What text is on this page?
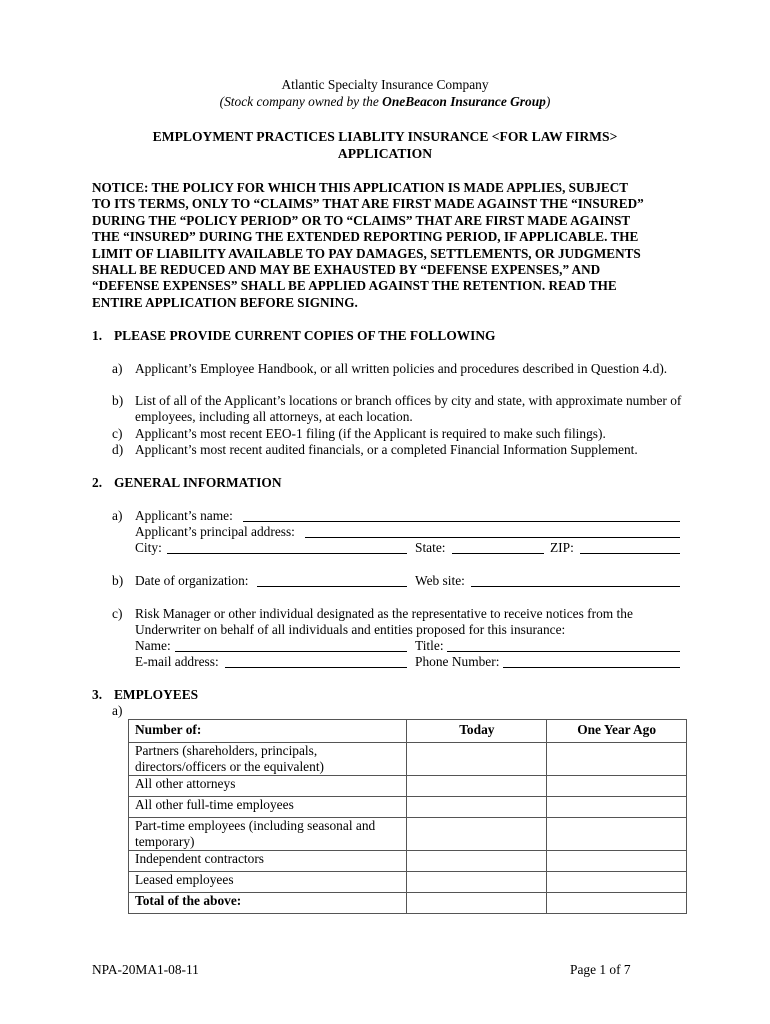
Atlantic Specialty Insurance Company
(Stock company owned by the OneBeacon Insurance Group)
EMPLOYMENT PRACTICES LIABLITY INSURANCE <FOR LAW FIRMS>
APPLICATION
NOTICE: THE POLICY FOR WHICH THIS APPLICATION IS MADE APPLIES, SUBJECT
TO ITS TERMS, ONLY TO “CLAIMS” THAT ARE FIRST MADE AGAINST THE “INSURED”
DURING THE “POLICY PERIOD” OR TO “CLAIMS” THAT ARE FIRST MADE AGAINST
THE “INSURED” DURING THE EXTENDED REPORTING PERIOD, IF APPLICABLE. THE
LIMIT OF LIABILITY AVAILABLE TO PAY DAMAGES, SETTLEMENTS, OR JUDGMENTS
SHALL BE REDUCED AND MAY BE EXHAUSTED BY “DEFENSE EXPENSES,” AND
“DEFENSE EXPENSES” SHALL BE APPLIED AGAINST THE RETENTION. READ THE
ENTIRE APPLICATION BEFORE SIGNING.
1. PLEASE PROVIDE CURRENT COPIES OF THE FOLLOWING
a) Applicant’s Employee Handbook, or all written policies and procedures described in Question 4.d).
b) List of all of the Applicant’s locations or branch offices by city and state, with approximate number of employees, including all attorneys, at each location.
c) Applicant’s most recent EEO-1 filing (if the Applicant is required to make such filings).
d) Applicant’s most recent audited financials, or a completed Financial Information Supplement.
2. GENERAL INFORMATION
a) Applicant’s name:
Applicant’s principal address:
City:	State:	ZIP:
b) Date of organization:	Web site:
c) Risk Manager or other individual designated as the representative to receive notices from the
Underwriter on behalf of all individuals and entities proposed for this insurance:
Name:	Title:
E-mail address:	Phone Number:
3. EMPLOYEES
a)
Number of:	Today	One Year Ago
Partners (shareholders, principals, directors/officers or the equivalent)		
All other attorneys		
All other full-time employees		
Part-time employees (including seasonal and temporary)		
Independent contractors		
Leased employees		
Total of the above:		
NPA-20MA1-08-11	Page 1 of 7
